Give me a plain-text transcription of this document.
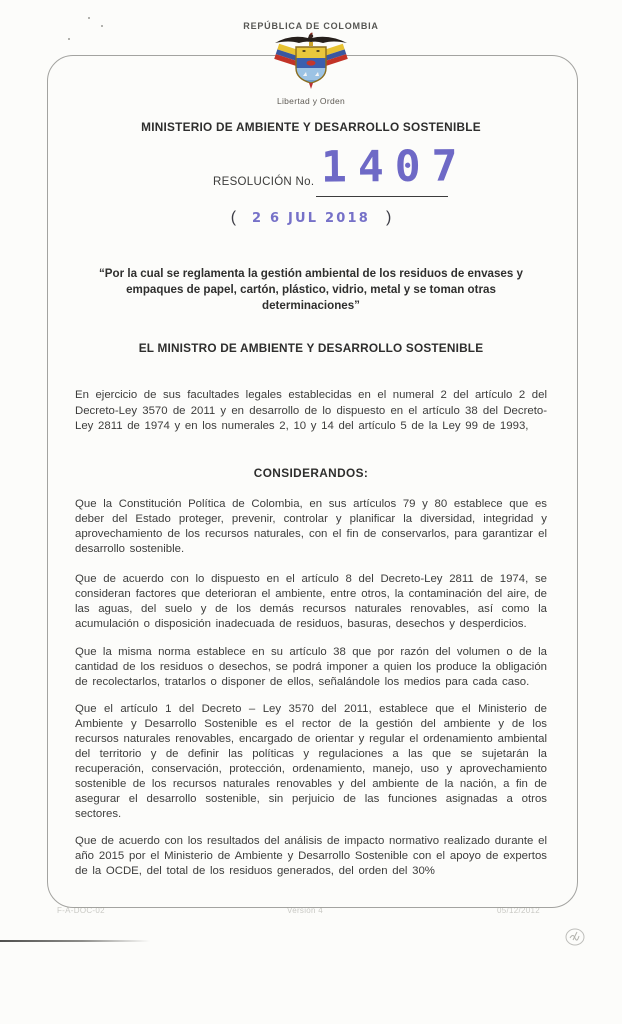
REPÚBLICA DE COLOMBIA
Libertad y Orden
MINISTERIO DE AMBIENTE Y DESARROLLO SOSTENIBLE
RESOLUCIÓN No. 1407
( 2 6 JUL 2018 )
“Por la cual se reglamenta la gestión ambiental de los residuos de envases y empaques de papel, cartón, plástico, vidrio, metal y se toman otras determinaciones”
EL MINISTRO DE AMBIENTE Y DESARROLLO SOSTENIBLE
En ejercicio de sus facultades legales establecidas en el numeral 2 del artículo 2 del Decreto-Ley 3570 de 2011 y en desarrollo de lo dispuesto en el artículo 38 del Decreto-Ley 2811 de 1974 y en los numerales 2, 10 y 14 del artículo 5 de la Ley 99 de 1993,
CONSIDERANDOS:
Que la Constitución Política de Colombia, en sus artículos 79 y 80 establece que es deber del Estado proteger, prevenir, controlar y planificar la diversidad, integridad y aprovechamiento de los recursos naturales, con el fin de conservarlos, para garantizar el desarrollo sostenible.
Que de acuerdo con lo dispuesto en el artículo 8 del Decreto-Ley 2811 de 1974, se consideran factores que deterioran el ambiente, entre otros, la contaminación del aire, de las aguas, del suelo y de los demás recursos naturales renovables, así como la acumulación o disposición inadecuada de residuos, basuras, desechos y desperdicios.
Que la misma norma establece en su artículo 38 que por razón del volumen o de la cantidad de los residuos o desechos, se podrá imponer a quien los produce la obligación de recolectarlos, tratarlos o disponer de ellos, señalándole los medios para cada caso.
Que el artículo 1 del Decreto – Ley 3570 del 2011, establece que el Ministerio de Ambiente y Desarrollo Sostenible es el rector de la gestión del ambiente y de los recursos naturales renovables, encargado de orientar y regular el ordenamiento ambiental del territorio y de definir las políticas y regulaciones a las que se sujetarán la recuperación, conservación, protección, ordenamiento, manejo, uso y aprovechamiento sostenible de los recursos naturales renovables y del ambiente de la nación, a fin de asegurar el desarrollo sostenible, sin perjuicio de las funciones asignadas a otros sectores.
Que de acuerdo con los resultados del análisis de impacto normativo realizado durante el año 2015 por el Ministerio de Ambiente y Desarrollo Sostenible con el apoyo de expertos de la OCDE, del total de los residuos generados, del orden del 30%
F-A-DOC-02	Versión 4	05/12/2012
